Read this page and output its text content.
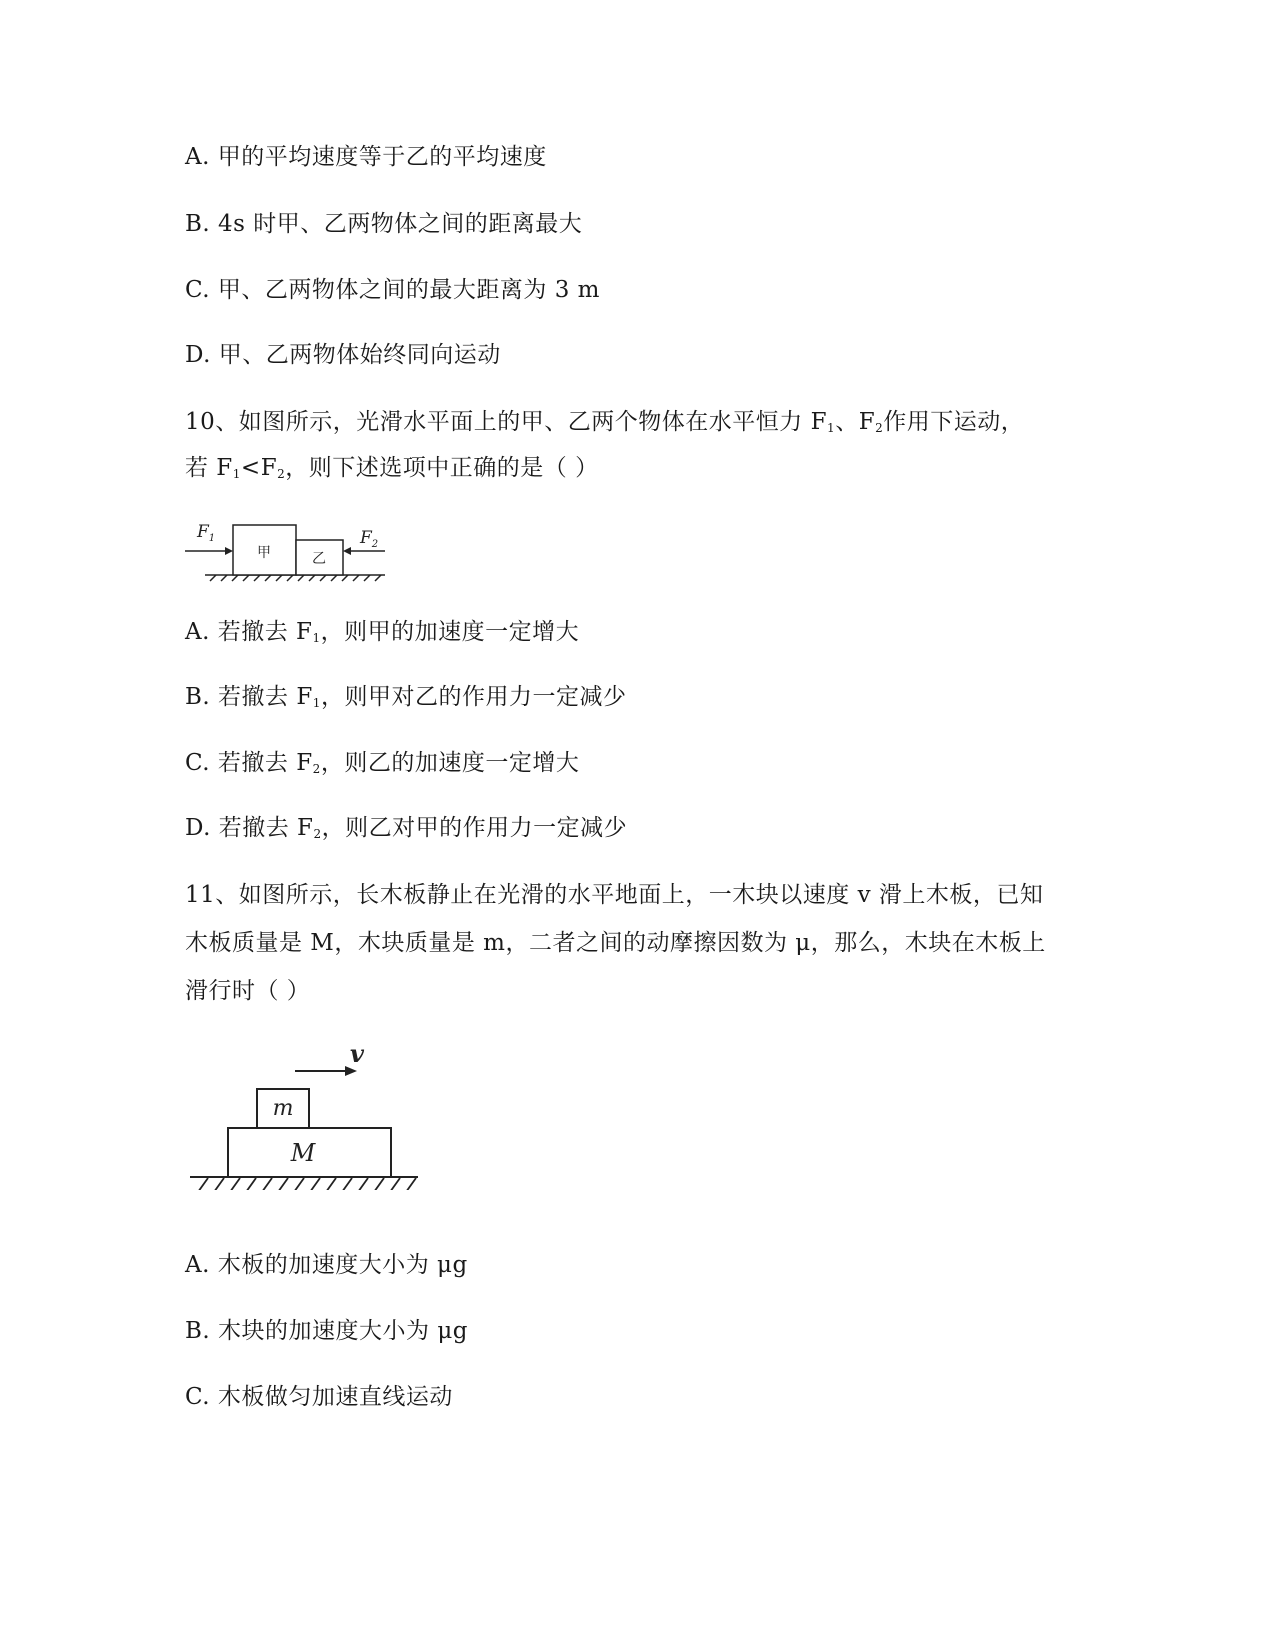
A. 甲的平均速度等于乙的平均速度
B. 4s 时甲、乙两物体之间的距离最大
C. 甲、乙两物体之间的最大距离为 3 m
D. 甲、乙两物体始终同向运动
10、如图所示，光滑水平面上的甲、乙两个物体在水平恒力 $F_1$、$F_2$作用下运动，
若 $F_1<F_2$，则下述选项中正确的是（ ）
甲	乙
$F_1$	$F_2$
A. 若撤去 $F_1$，则甲的加速度一定增大
B. 若撤去 $F_1$，则甲对乙的作用力一定减少
C. 若撤去 $F_2$，则乙的加速度一定增大
D. 若撤去 $F_2$，则乙对甲的作用力一定减少
11、如图所示，长木板静止在光滑的水平地面上，一木块以速度 v 滑上木板，已知
木板质量是 M，木块质量是 m，二者之间的动摩擦因数为 μ，那么，木块在木板上
滑行时（ ）
M
m
v
A. 木板的加速度大小为 μg
B. 木块的加速度大小为 μg
C. 木板做匀加速直线运动
